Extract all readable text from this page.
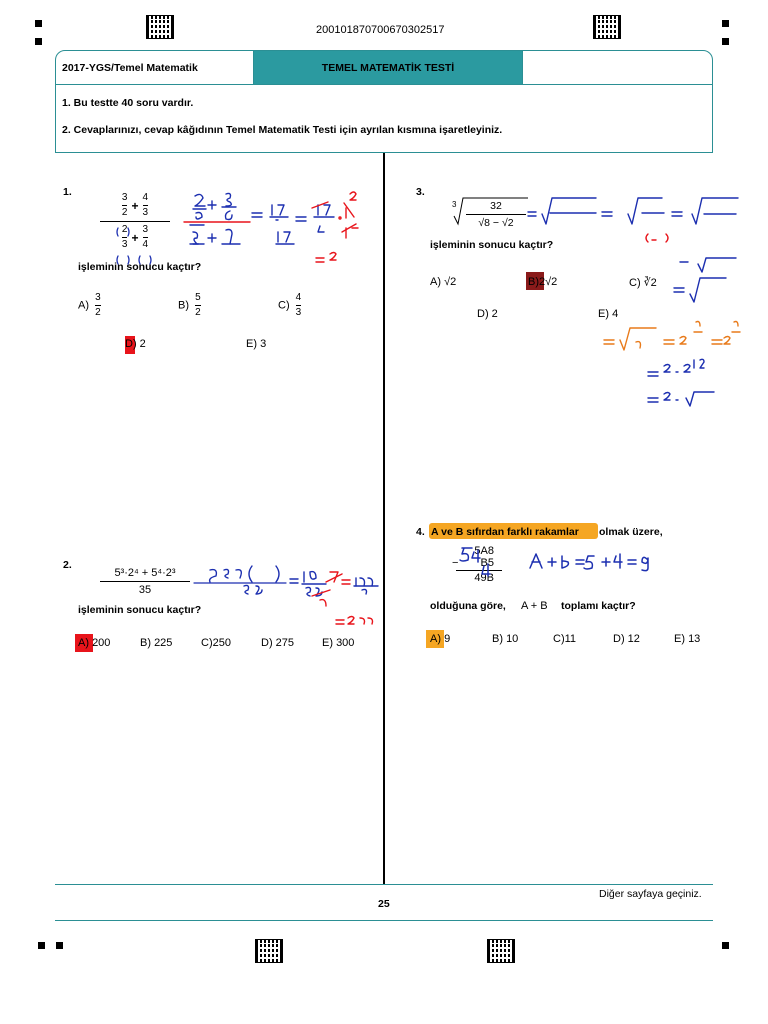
200101870700670302517
2017-YGS/Temel Matematik	TEMEL MATEMATİK TESTİ

1. Bu testte 40 soru vardır.

2. Cevaplarınızı, cevap kâğıdının Temel Matematik Testi için ayrılan kısmına işaretleyiniz.

1.	$\frac{3}{2} + \frac{4}{3}$
$\frac{2}{3} + \frac{3}{4}$
işleminin sonucu kaçtır?
$A) \frac{3}{2}$	$B) \frac{5}{2}$	$C) \frac{4}{3}$
D) 2	E) 3
2.
5³·2⁴ + 5⁴·2³
35
işleminin sonucu kaçtır?
A) 200	B) 225	C)250	D) 275	E) 300
3.
3	32
√8 − √2
işleminin sonucu kaçtır?
A) √2	B)2√2	C) ∛2
D) 2	E) 4
4. A ve B sıfırdan farklı rakamlar olmak üzere,
5A8
− B5
49B
olduğuna göre, A + B toplamı kaçtır?
A) 9	B) 10	C)11	D) 12	E) 13
Diğer sayfaya geçiniz.
25
